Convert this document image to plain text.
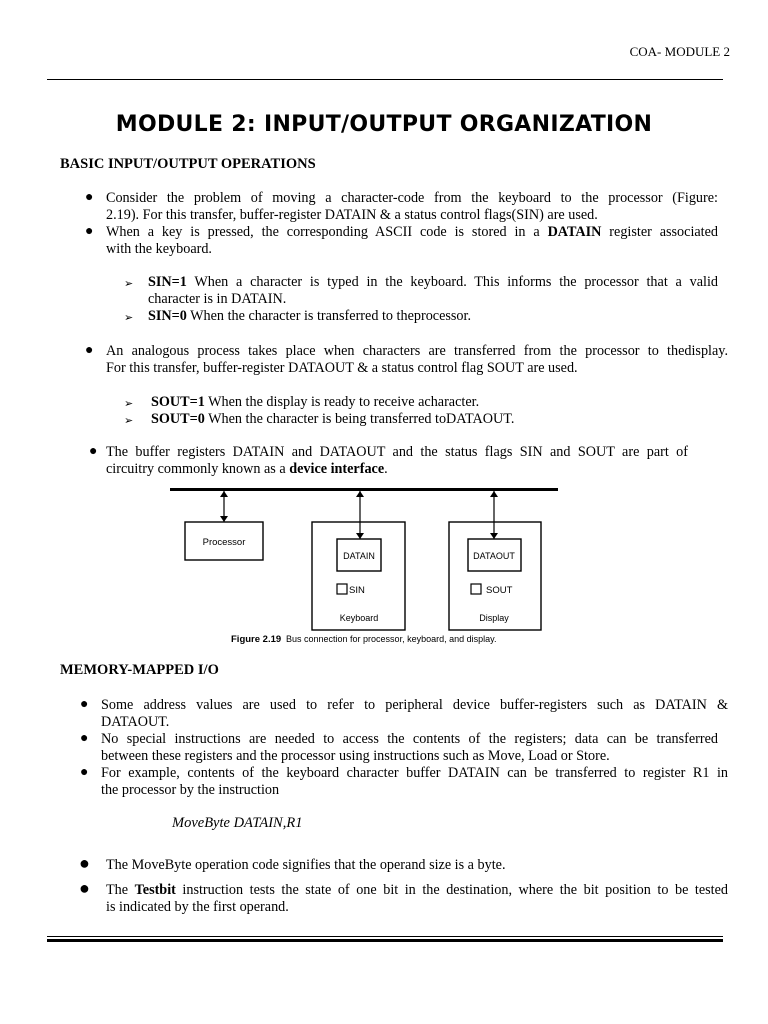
COA- MODULE 2
MODULE 2: INPUT/OUTPUT ORGANIZATION
BASIC INPUT/OUTPUT OPERATIONS
● Consider the problem of moving a character-code from the keyboard to the processor (Figure:
2.19). For this transfer, buffer-register DATAIN & a status control flags(SIN) are used.
● When a key is pressed, the corresponding ASCII code is stored in a DATAIN register associated
with the keyboard.
➢ SIN=1 When a character is typed in the keyboard. This informs the processor that a valid
character is in DATAIN.
➢ SIN=0 When the character is transferred to theprocessor.
● An analogous process takes place when characters are transferred from the processor to thedisplay.
For this transfer, buffer-register DATAOUT & a status control flag SOUT are used.
➢ SOUT=1 When the display is ready to receive acharacter.
➢ SOUT=0 When the character is being transferred toDATAOUT.
● The buffer registers DATAIN and DATAOUT and the status flags SIN and SOUT are part of
circuitry commonly known as a device interface.
Processor
DATAIN
SIN
Keyboard
DATAOUT
SOUT
Display
Figure 2.19 Bus connection for processor, keyboard, and display.
MEMORY-MAPPED I/O
● Some address values are used to refer to peripheral device buffer-registers such as DATAIN &
DATAOUT.
● No special instructions are needed to access the contents of the registers; data can be transferred
between these registers and the processor using instructions such as Move, Load or Store.
● For example, contents of the keyboard character buffer DATAIN can be transferred to register R1 in
the processor by the instruction
MoveByte DATAIN,R1
● The MoveByte operation code signifies that the operand size is a byte.
● The Testbit instruction tests the state of one bit in the destination, where the bit position to be tested
is indicated by the first operand.
